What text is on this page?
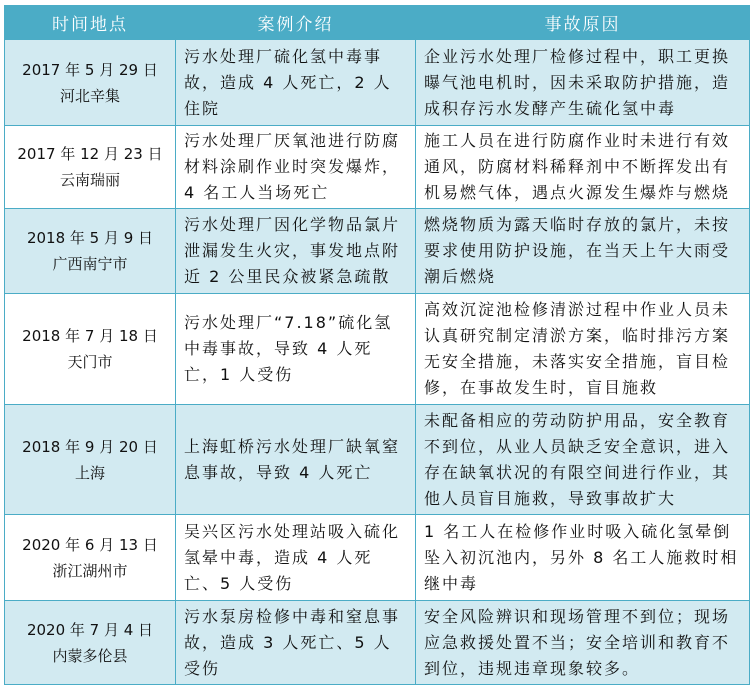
时间地点	案例介绍	事故原因

2017 年 5 月 29 日
河北辛集	污水处理厂硫化氢中毒事故，造成 4 人死亡，2 人住院	企业污水处理厂检修过程中，职工更换曝气池电机时，因未采取防护措施，造成积存污水发酵产生硫化氢中毒

2017 年 12 月 23 日
云南瑞丽	污水处理厂厌氧池进行防腐材料涂刷作业时突发爆炸，4 名工人当场死亡	施工人员在进行防腐作业时未进行有效通风，防腐材料稀释剂中不断挥发出有机易燃气体，遇点火源发生爆炸与燃烧

2018 年 5 月 9 日
广西南宁市	污水处理厂因化学物品氯片泄漏发生火灾，事发地点附近 2 公里民众被紧急疏散	燃烧物质为露天临时存放的氯片，未按要求使用防护设施，在当天上午大雨受潮后燃烧

2018 年 7 月 18 日
天门市	污水处理厂“7.18”硫化氢中毒事故，导致 4 人死亡，1 人受伤	高效沉淀池检修清淤过程中作业人员未认真研究制定清淤方案，临时排污方案无安全措施，未落实安全措施，盲目检修，在事故发生时，盲目施救

2018 年 9 月 20 日
上海	上海虹桥污水处理厂缺氧窒息事故，导致 4 人死亡	未配备相应的劳动防护用品，安全教育不到位，从业人员缺乏安全意识，进入存在缺氧状况的有限空间进行作业，其他人员盲目施救，导致事故扩大

2020 年 6 月 13 日
浙江湖州市	吴兴区污水处理站吸入硫化氢晕中毒，造成 4 人死亡、5 人受伤	1 名工人在检修作业时吸入硫化氢晕倒坠入初沉池内，另外 8 名工人施救时相继中毒

2020 年 7 月 4 日
内蒙多伦县	污水泵房检修中毒和窒息事故，造成 3 人死亡、5 人受伤	安全风险辨识和现场管理不到位；现场应急救援处置不当；安全培训和教育不到位，违规违章现象较多。
